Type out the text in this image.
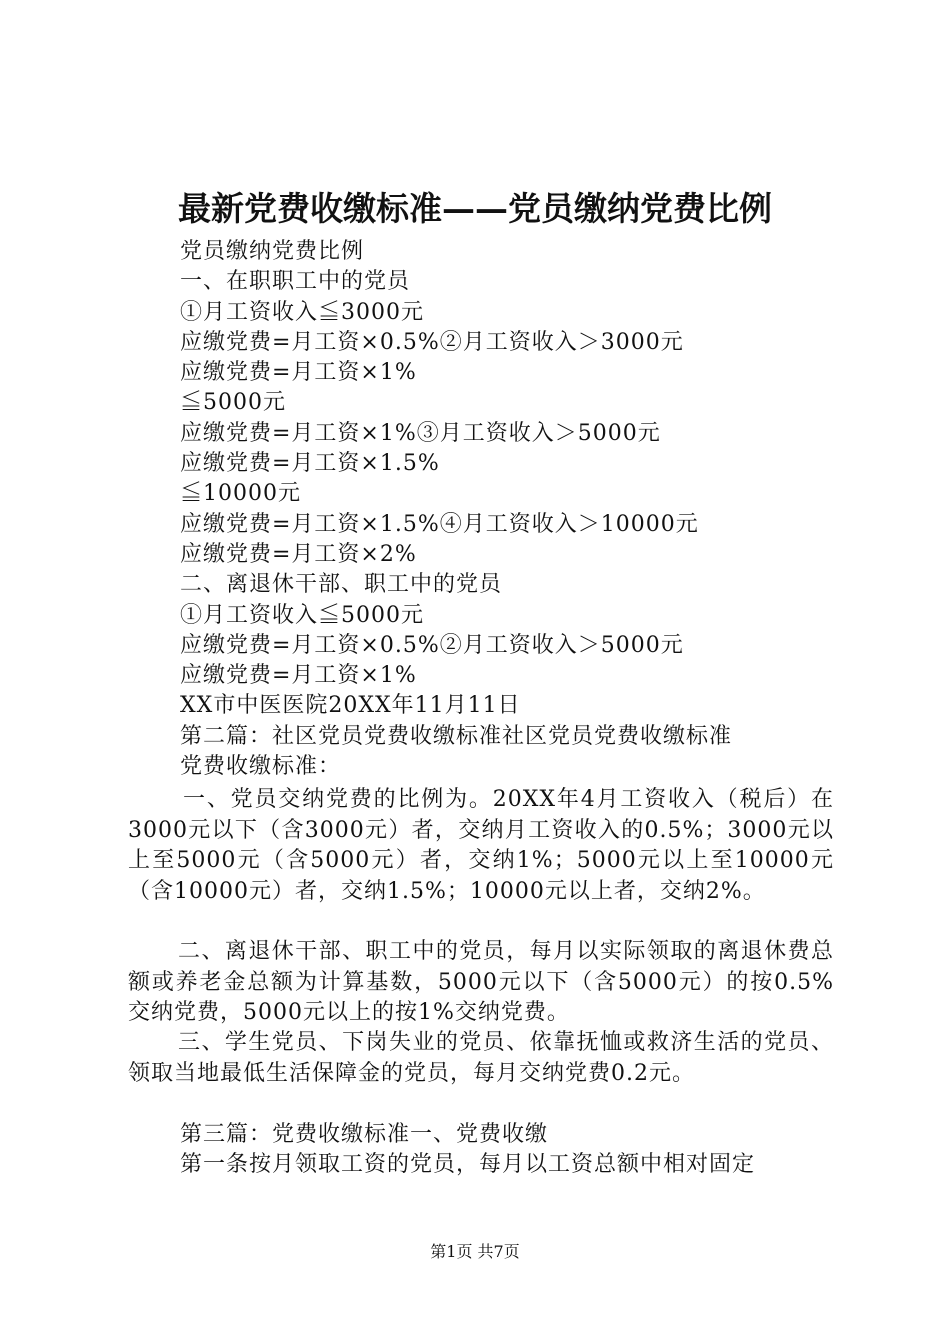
最新党费收缴标准——党员缴纳党费比例
党员缴纳党费比例
一、在职职工中的党员
①月工资收入≦3000元
应缴党费=月工资×0.5%②月工资收入＞3000元
应缴党费=月工资×1%
≦5000元
应缴党费=月工资×1%③月工资收入＞5000元
应缴党费=月工资×1.5%
≦10000元
应缴党费=月工资×1.5%④月工资收入＞10000元
应缴党费=月工资×2%
二、离退休干部、职工中的党员
①月工资收入≦5000元
应缴党费=月工资×0.5%②月工资收入＞5000元
应缴党费=月工资×1%
XX市中医医院20XX年11月11日
第二篇：社区党员党费收缴标准社区党员党费收缴标准
党费收缴标准：
一、党员交纳党费的比例为。20XX年4月工资收入（税后）在3000元以下（含3000元）者，交纳月工资收入的0.5%；3000元以上至5000元（含5000元）者，交纳1%；5000元以上至10000元（含10000元）者，交纳1.5%；10000元以上者，交纳2%。
二、离退休干部、职工中的党员，每月以实际领取的离退休费总额或养老金总额为计算基数，5000元以下（含5000元）的按0.5%交纳党费，5000元以上的按1%交纳党费。
三、学生党员、下岗失业的党员、依靠抚恤或救济生活的党员、领取当地最低生活保障金的党员，每月交纳党费0.2元。
第三篇：党费收缴标准一、党费收缴
第一条按月领取工资的党员，每月以工资总额中相对固定
第1页 共7页
